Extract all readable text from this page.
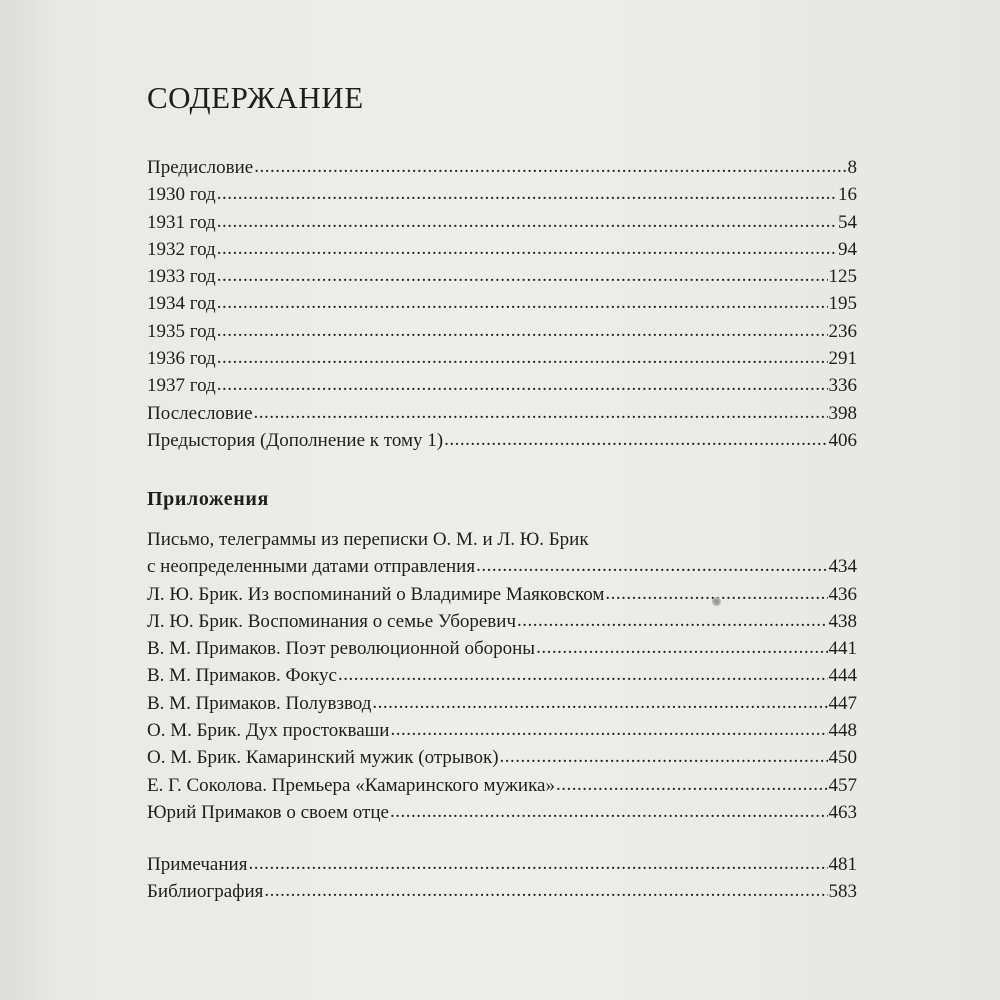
СОДЕРЖАНИЕ
Предисловие .....	8
1930 год .....	16
1931 год .....	54
1932 год .....	94
1933 год .....	125
1934 год .....	195
1935 год .....	236
1936 год .....	291
1937 год .....	336
Послесловие .....	398
Предыстория (Дополнение к тому 1) .....	406
Приложения
Письмо, телеграммы из переписки О. М. и Л. Ю. Брик
с неопределенными датами отправления .....	434
Л. Ю. Брик. Из воспоминаний о Владимире Маяковском .....	436
Л. Ю. Брик. Воспоминания о семье Уборевич .....	438
В. М. Примаков. Поэт революционной обороны .....	441
В. М. Примаков. Фокус .....	444
В. М. Примаков. Полувзвод .....	447
О. М. Брик. Дух простокваши .....	448
О. М. Брик. Камаринский мужик (отрывок) .....	450
Е. Г. Соколова. Премьера «Камаринского мужика» .....	457
Юрий Примаков о своем отце .....	463
Примечания .....	481
Библиография .....	583
